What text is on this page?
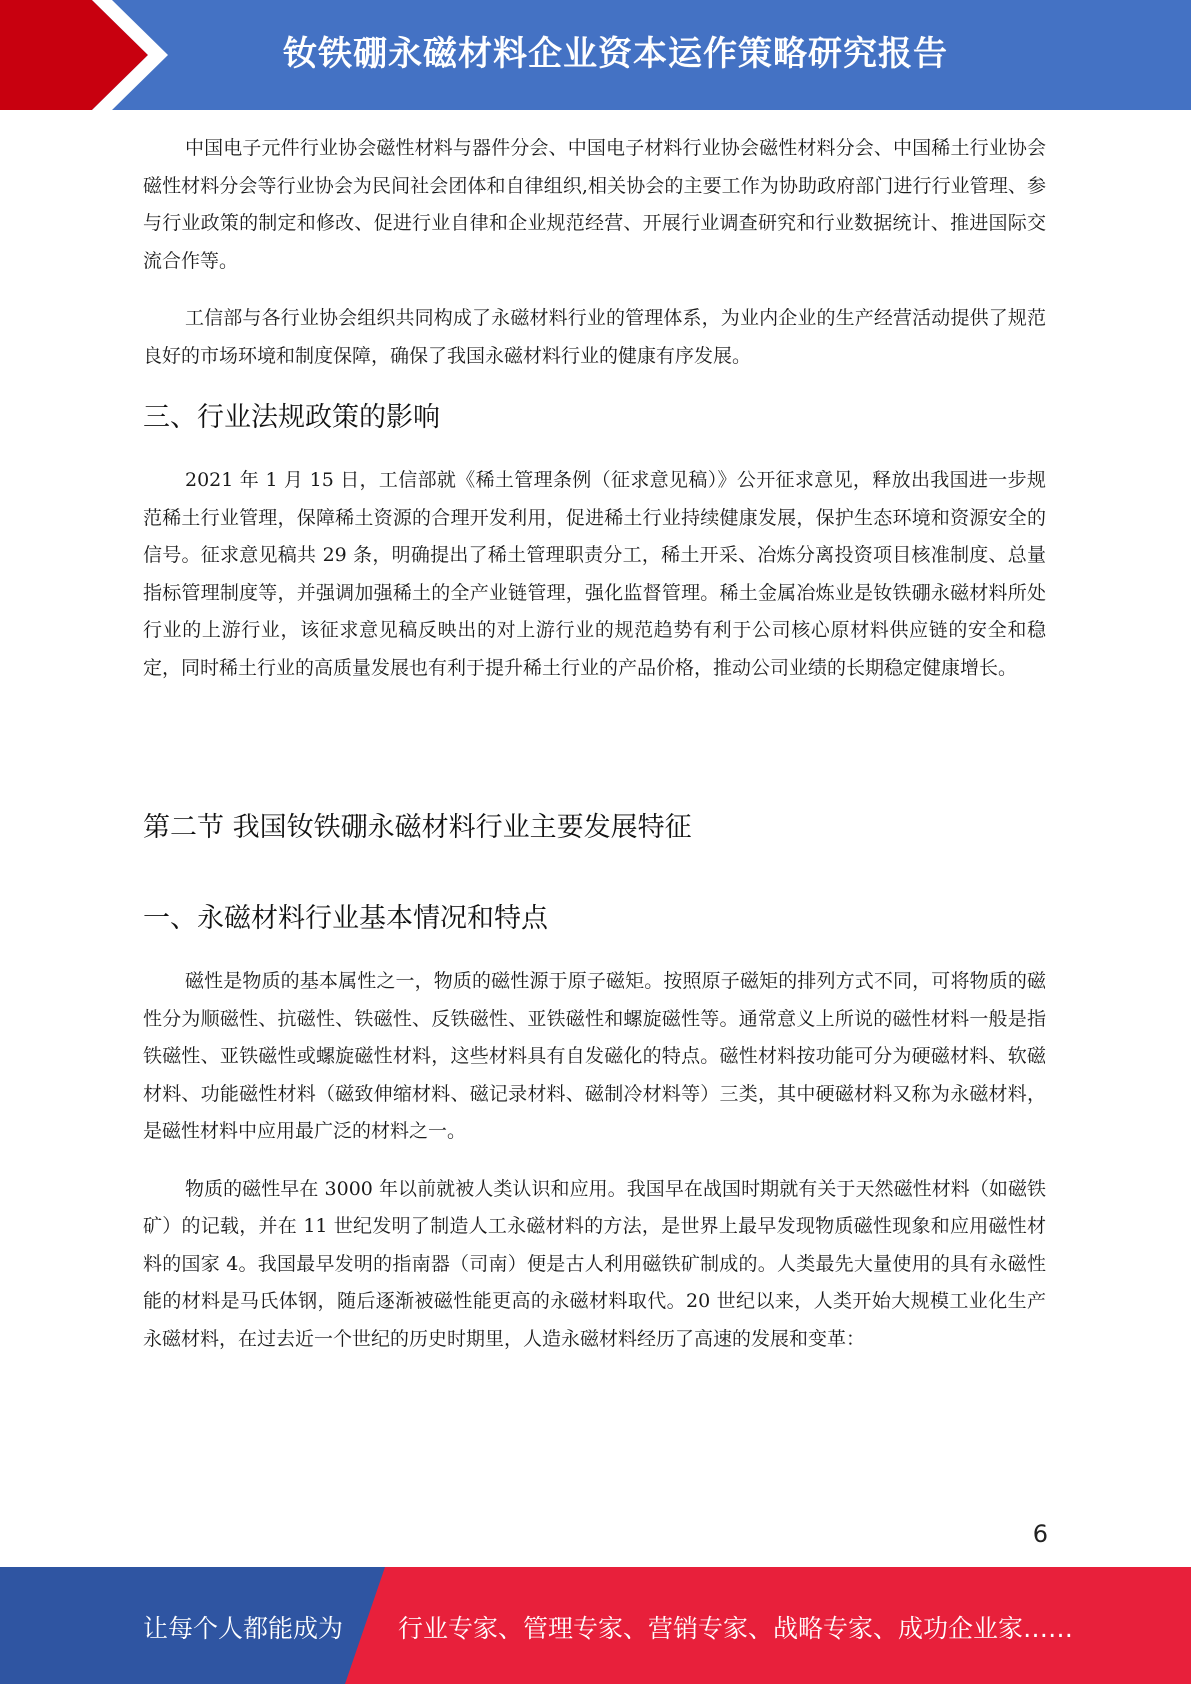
钕铁硼永磁材料企业资本运作策略研究报告

中国电子元件行业协会磁性材料与器件分会、中国电子材料行业协会磁性材料分会、中国稀土行业协会磁性材料分会等行业协会为民间社会团体和自律组织,相关协会的主要工作为协助政府部门进行行业管理、参与行业政策的制定和修改、促进行业自律和企业规范经营、开展行业调查研究和行业数据统计、推进国际交流合作等。

工信部与各行业协会组织共同构成了永磁材料行业的管理体系，为业内企业的生产经营活动提供了规范良好的市场环境和制度保障，确保了我国永磁材料行业的健康有序发展。

三、行业法规政策的影响

2021 年 1 月 15 日，工信部就《稀土管理条例（征求意见稿）》公开征求意见，释放出我国进一步规范稀土行业管理，保障稀土资源的合理开发利用，促进稀土行业持续健康发展，保护生态环境和资源安全的信号。征求意见稿共 29 条，明确提出了稀土管理职责分工，稀土开采、冶炼分离投资项目核准制度、总量指标管理制度等，并强调加强稀土的全产业链管理，强化监督管理。稀土金属冶炼业是钕铁硼永磁材料所处行业的上游行业，该征求意见稿反映出的对上游行业的规范趋势有利于公司核心原材料供应链的安全和稳定，同时稀土行业的高质量发展也有利于提升稀土行业的产品价格，推动公司业绩的长期稳定健康增长。

第二节 我国钕铁硼永磁材料行业主要发展特征
一、永磁材料行业基本情况和特点

磁性是物质的基本属性之一，物质的磁性源于原子磁矩。按照原子磁矩的排列方式不同，可将物质的磁性分为顺磁性、抗磁性、铁磁性、反铁磁性、亚铁磁性和螺旋磁性等。通常意义上所说的磁性材料一般是指铁磁性、亚铁磁性或螺旋磁性材料，这些材料具有自发磁化的特点。磁性材料按功能可分为硬磁材料、软磁材料、功能磁性材料（磁致伸缩材料、磁记录材料、磁制冷材料等）三类，其中硬磁材料又称为永磁材料，是磁性材料中应用最广泛的材料之一。

物质的磁性早在 3000 年以前就被人类认识和应用。我国早在战国时期就有关于天然磁性材料（如磁铁矿）的记载，并在 11 世纪发明了制造人工永磁材料的方法，是世界上最早发现物质磁性现象和应用磁性材料的国家 4。我国最早发明的指南器（司南）便是古人利用磁铁矿制成的。人类最先大量使用的具有永磁性能的材料是马氏体钢，随后逐渐被磁性能更高的永磁材料取代。20 世纪以来，人类开始大规模工业化生产永磁材料，在过去近一个世纪的历史时期里，人造永磁材料经历了高速的发展和变革：

6
让每个人都能成为 行业专家、管理专家、营销专家、战略专家、成功企业家……
